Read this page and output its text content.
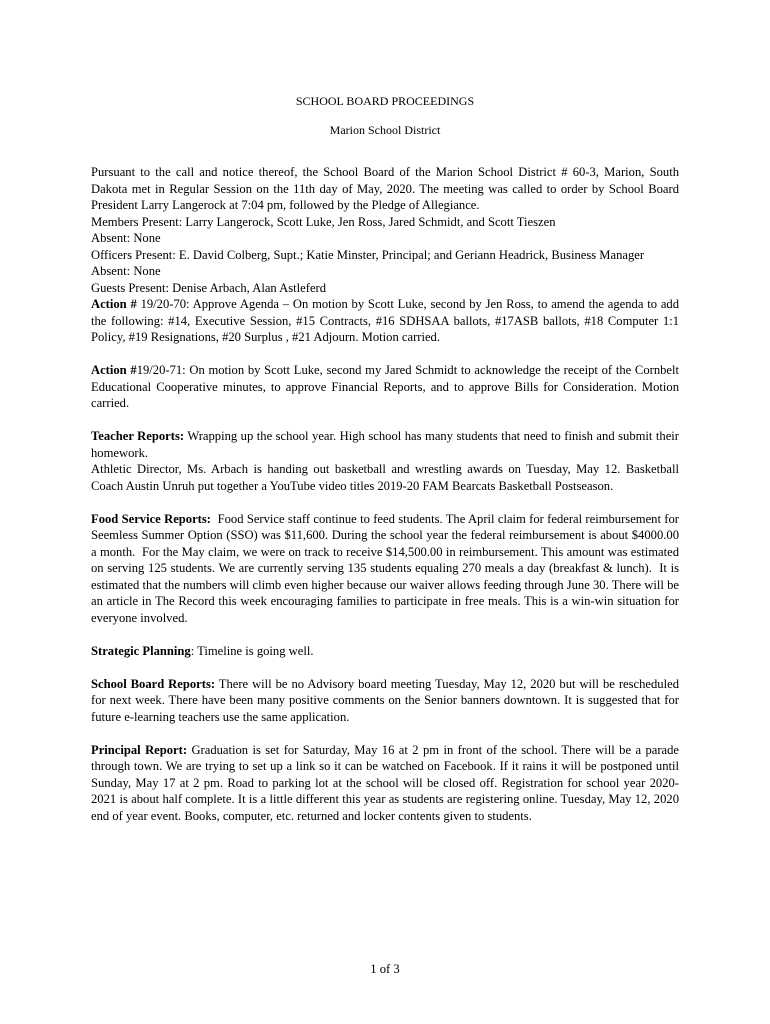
SCHOOL BOARD PROCEEDINGS
Marion School District

Pursuant to the call and notice thereof, the School Board of the Marion School District # 60-3, Marion, South Dakota met in Regular Session on the 11th day of May, 2020. The meeting was called to order by School Board President Larry Langerock at 7:04 pm, followed by the Pledge of Allegiance.

Members Present: Larry Langerock, Scott Luke, Jen Ross, Jared Schmidt, and Scott Tieszen

Absent: None

Officers Present: E. David Colberg, Supt.; Katie Minster, Principal; and Geriann Headrick, Business Manager

Absent: None

Guests Present: Denise Arbach, Alan Astleferd

Action # 19/20-70: Approve Agenda – On motion by Scott Luke, second by Jen Ross, to amend the agenda to add the following: #14, Executive Session, #15 Contracts, #16 SDHSAA ballots, #17ASB ballots, #18 Computer 1:1 Policy, #19 Resignations, #20 Surplus , #21 Adjourn. Motion carried.

Action #19/20-71: On motion by Scott Luke, second my Jared Schmidt to acknowledge the receipt of the Cornbelt Educational Cooperative minutes, to approve Financial Reports, and to approve Bills for Consideration. Motion carried.

Teacher Reports: Wrapping up the school year. High school has many students that need to finish and submit their homework.

Athletic Director, Ms. Arbach is handing out basketball and wrestling awards on Tuesday, May 12. Basketball Coach Austin Unruh put together a YouTube video titles 2019-20 FAM Bearcats Basketball Postseason.

Food Service Reports:  Food Service staff continue to feed students. The April claim for federal reimbursement for Seemless Summer Option (SSO) was $11,600. During the school year the federal reimbursement is about $4000.00 a month.  For the May claim, we were on track to receive $14,500.00 in reimbursement. This amount was estimated on serving 125 students. We are currently serving 135 students equaling 270 meals a day (breakfast & lunch).  It is estimated that the numbers will climb even higher because our waiver allows feeding through June 30. There will be an article in The Record this week encouraging families to participate in free meals. This is a win-win situation for everyone involved.

Strategic Planning: Timeline is going well.

School Board Reports: There will be no Advisory board meeting Tuesday, May 12, 2020 but will be rescheduled for next week. There have been many positive comments on the Senior banners downtown. It is suggested that for future e-learning teachers use the same application.

Principal Report: Graduation is set for Saturday, May 16 at 2 pm in front of the school. There will be a parade through town. We are trying to set up a link so it can be watched on Facebook. If it rains it will be postponed until Sunday, May 17 at 2 pm. Road to parking lot at the school will be closed off. Registration for school year 2020-2021 is about half complete. It is a little different this year as students are registering online. Tuesday, May 12, 2020 end of year event. Books, computer, etc. returned and locker contents given to students.

1 of 3
